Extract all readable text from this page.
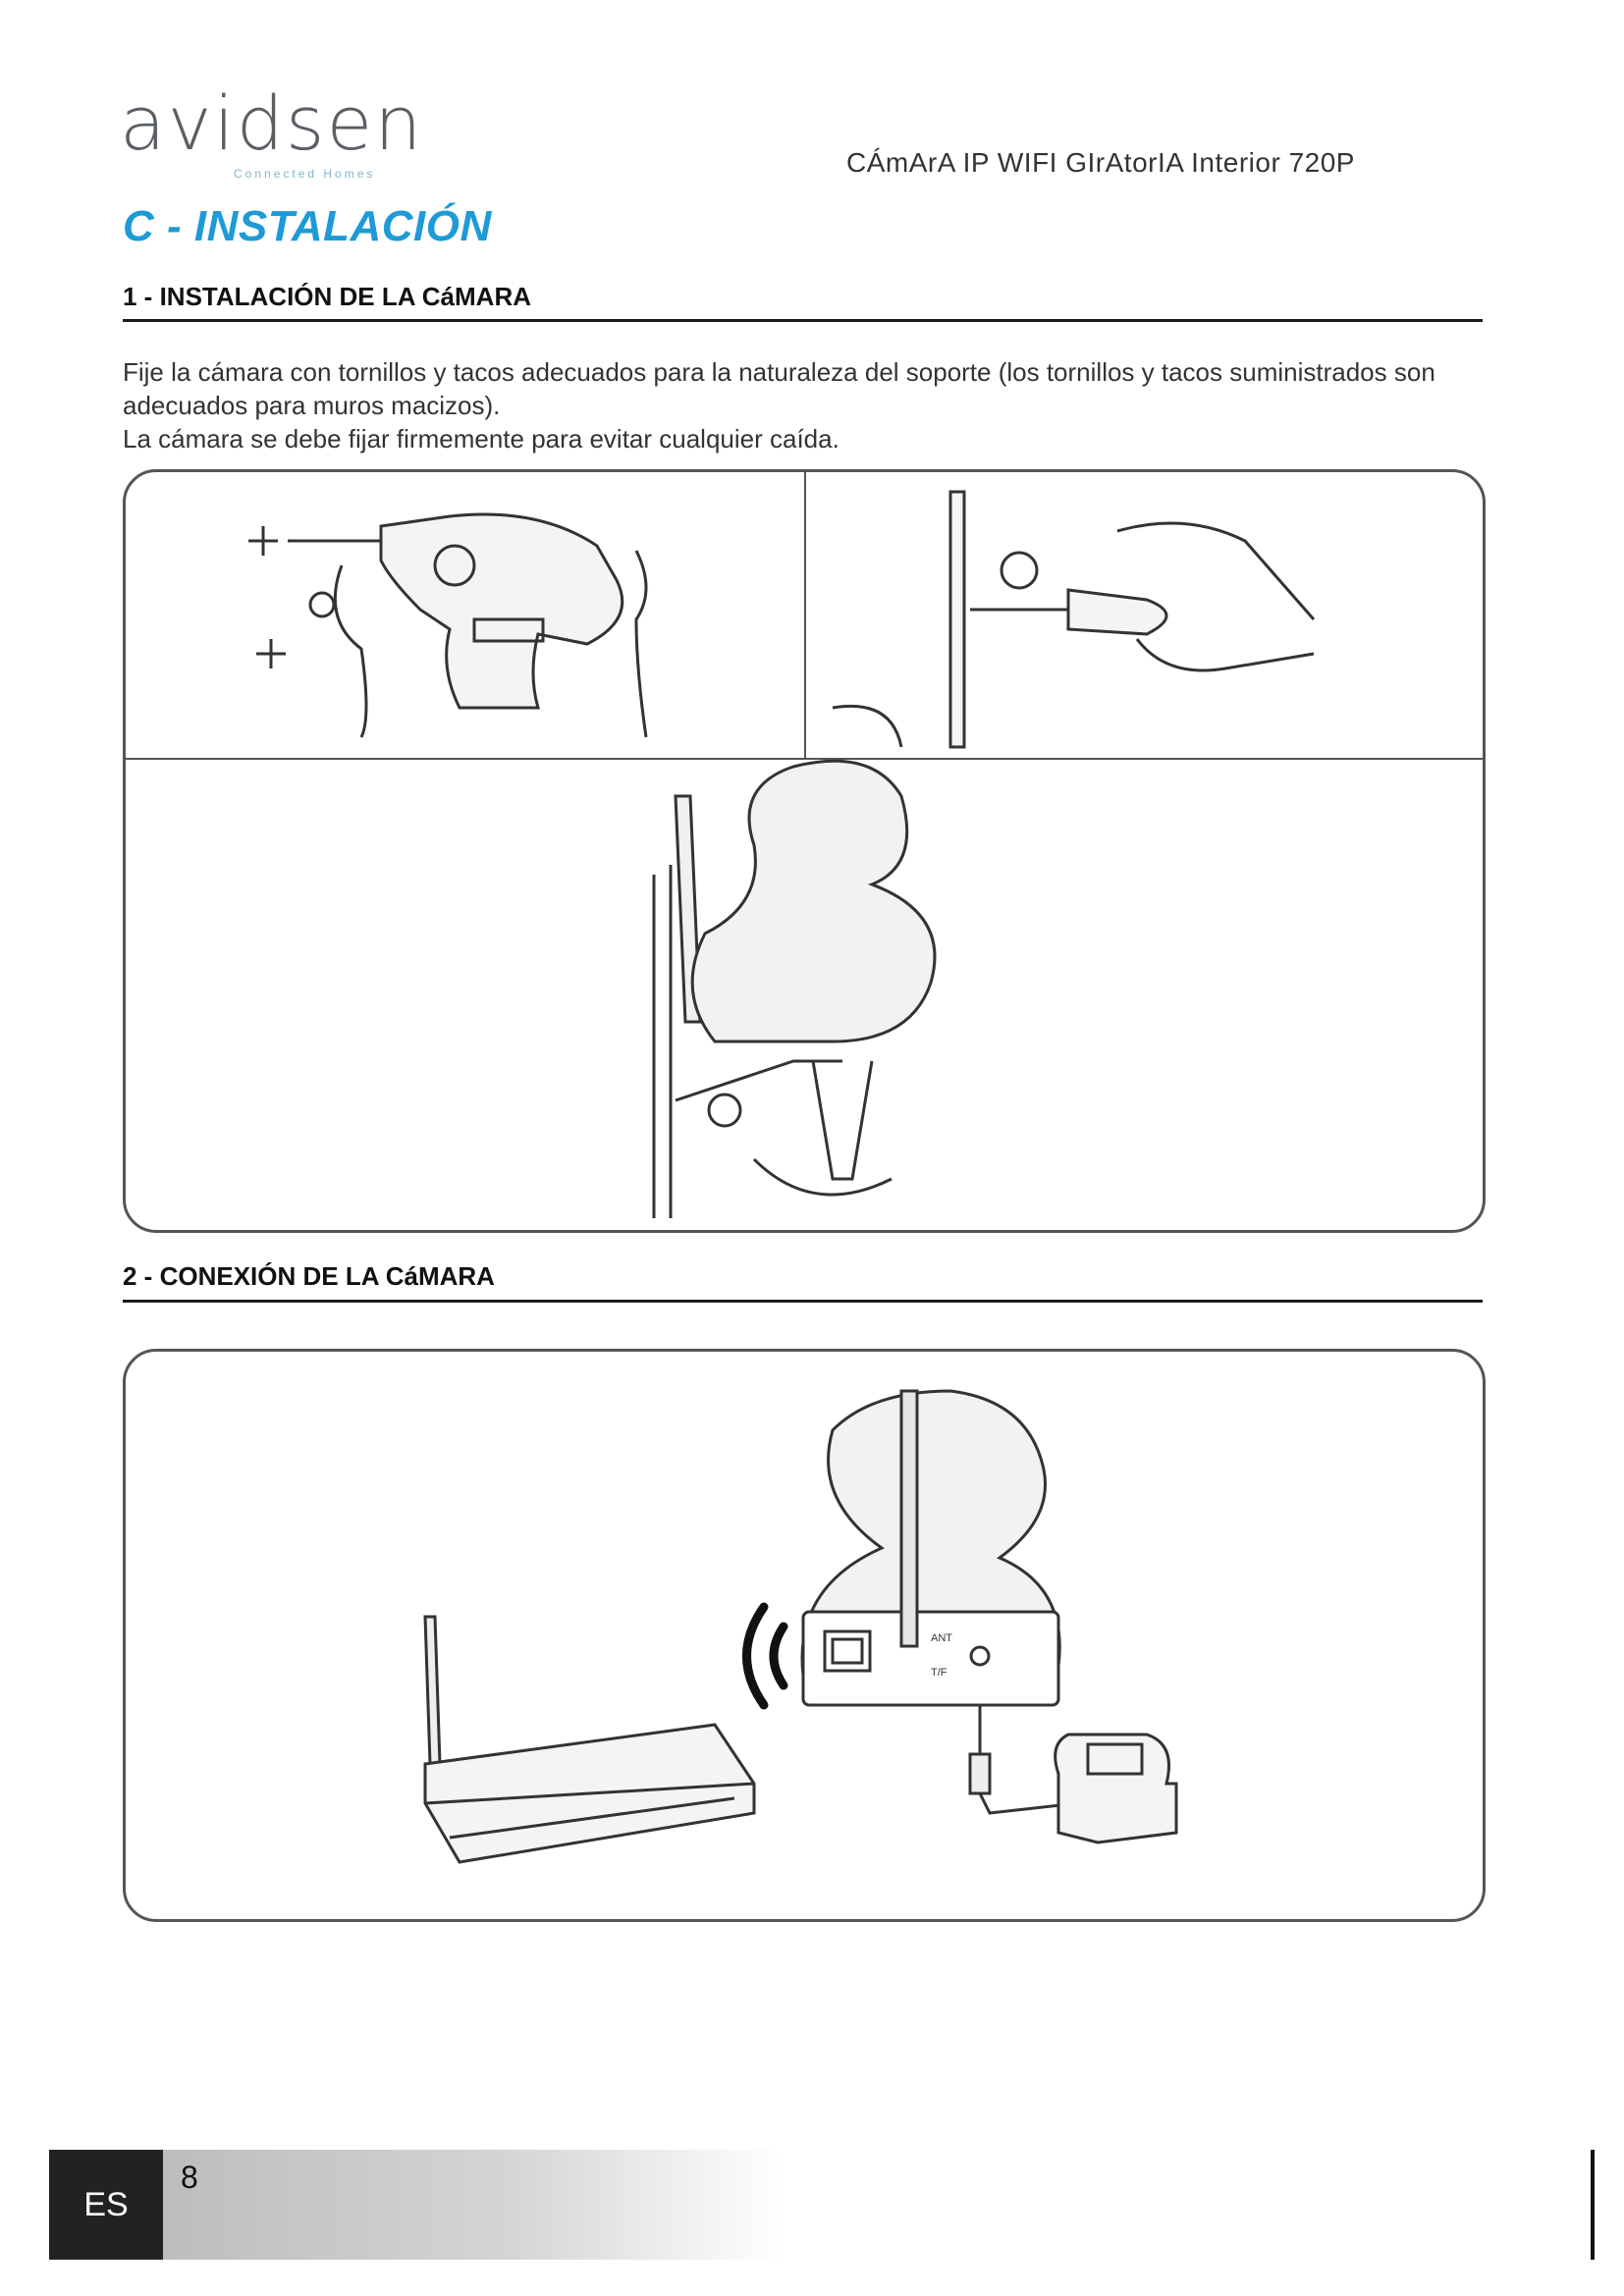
avidsen
Connected Homes	CÁmArA IP WIFI GIrAtorIA Interior 720P
C - INSTALACIÓN
1 - INSTALACIÓN DE LA CáMARA

Fije la cámara con tornillos y tacos adecuados para la naturaleza del soporte (los tornillos y tacos suministrados son adecuados para muros macizos).

La cámara se debe fijar firmemente para evitar cualquier caída.

2 - CONEXIÓN DE LA CáMARA
T/F
ANT
ES
8
